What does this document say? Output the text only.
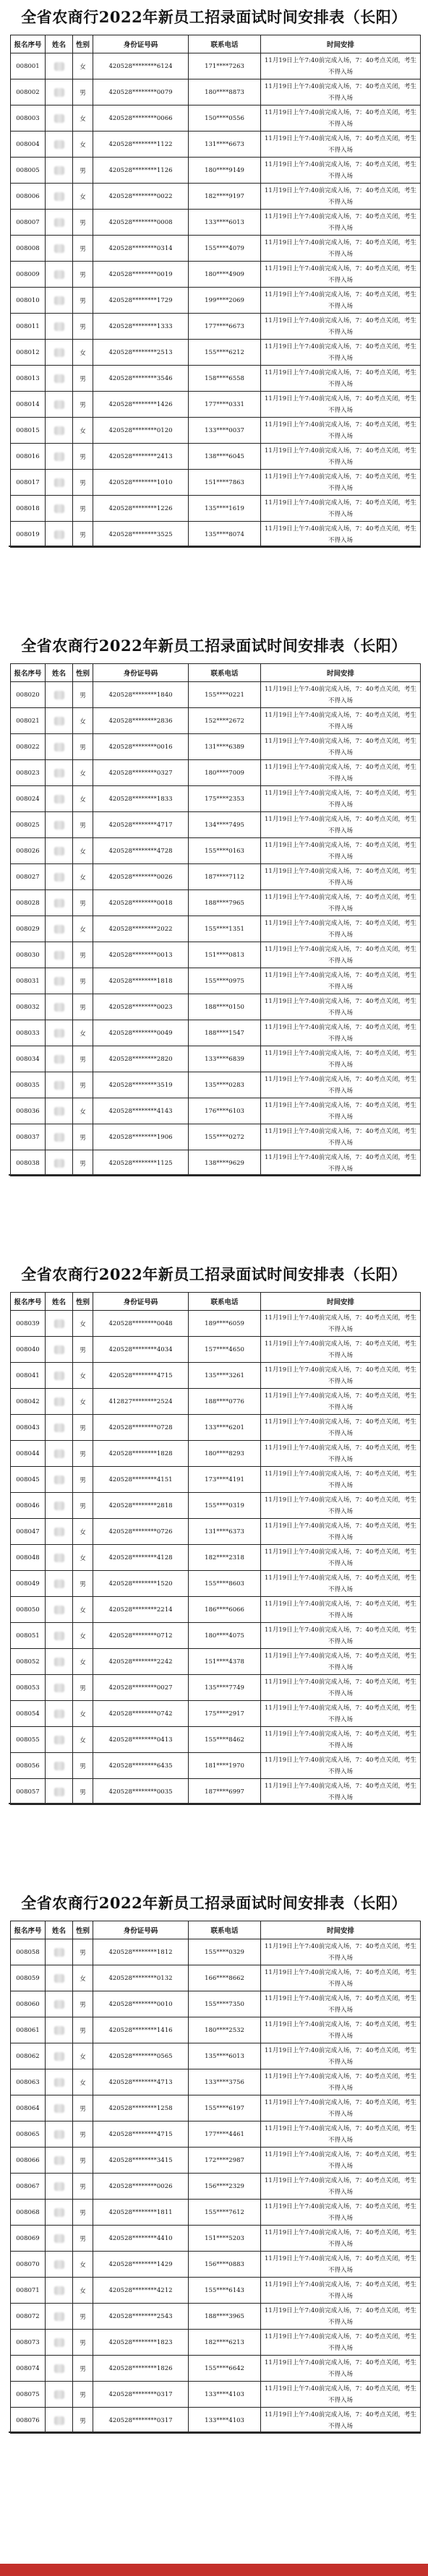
全省农商行2022年新员工招录面试时间安排表（长阳）
报名序号	姓名	性别	身份证号码	联系电话	时间安排
008001		女	420528********6124	171****7263	11月19日上午7:40前完成入场，7：40考点关闭，考生不得入场
008002		男	420528********0079	180****8873	11月19日上午7:40前完成入场，7：40考点关闭，考生不得入场
008003		女	420528********0066	150****0556	11月19日上午7:40前完成入场，7：40考点关闭，考生不得入场
008004		女	420528********1122	131****6673	11月19日上午7:40前完成入场，7：40考点关闭，考生不得入场
008005		男	420528********1126	180****9149	11月19日上午7:40前完成入场，7：40考点关闭，考生不得入场
008006		女	420528********0022	182****9197	11月19日上午7:40前完成入场，7：40考点关闭，考生不得入场
008007		男	420528********0008	133****6013	11月19日上午7:40前完成入场，7：40考点关闭，考生不得入场
008008		男	420528********0314	155****4079	11月19日上午7:40前完成入场，7：40考点关闭，考生不得入场
008009		男	420528********0019	180****4909	11月19日上午7:40前完成入场，7：40考点关闭，考生不得入场
008010		男	420528********1729	199****2069	11月19日上午7:40前完成入场，7：40考点关闭，考生不得入场
008011		男	420528********1333	177****6673	11月19日上午7:40前完成入场，7：40考点关闭，考生不得入场
008012		女	420528********2513	155****6212	11月19日上午7:40前完成入场，7：40考点关闭，考生不得入场
008013		男	420528********3546	158****6558	11月19日上午7:40前完成入场，7：40考点关闭，考生不得入场
008014		男	420528********1426	177****0331	11月19日上午7:40前完成入场，7：40考点关闭，考生不得入场
008015		女	420528********0120	133****0037	11月19日上午7:40前完成入场，7：40考点关闭，考生不得入场
008016		男	420528********2413	138****6045	11月19日上午7:40前完成入场，7：40考点关闭，考生不得入场
008017		男	420528********1010	151****7863	11月19日上午7:40前完成入场，7：40考点关闭，考生不得入场
008018		男	420528********1226	135****1619	11月19日上午7:40前完成入场，7：40考点关闭，考生不得入场
008019		男	420528********3525	135****8074	11月19日上午7:40前完成入场，7：40考点关闭，考生不得入场
全省农商行2022年新员工招录面试时间安排表（长阳）
报名序号	姓名	性别	身份证号码	联系电话	时间安排
008020		男	420528********1840	155****0221	11月19日上午7:40前完成入场，7：40考点关闭，考生不得入场
008021		女	420528********2836	152****2672	11月19日上午7:40前完成入场，7：40考点关闭，考生不得入场
008022		男	420528********0016	131****6389	11月19日上午7:40前完成入场，7：40考点关闭，考生不得入场
008023		女	420528********0327	180****7009	11月19日上午7:40前完成入场，7：40考点关闭，考生不得入场
008024		女	420528********1833	175****2353	11月19日上午7:40前完成入场，7：40考点关闭，考生不得入场
008025		男	420528********4717	134****7495	11月19日上午7:40前完成入场，7：40考点关闭，考生不得入场
008026		女	420528********4728	155****0163	11月19日上午7:40前完成入场，7：40考点关闭，考生不得入场
008027		女	420528********0026	187****7112	11月19日上午7:40前完成入场，7：40考点关闭，考生不得入场
008028		男	420528********0018	188****7965	11月19日上午7:40前完成入场，7：40考点关闭，考生不得入场
008029		女	420528********2022	155****1351	11月19日上午7:40前完成入场，7：40考点关闭，考生不得入场
008030		男	420528********0013	151****0813	11月19日上午7:40前完成入场，7：40考点关闭，考生不得入场
008031		男	420528********1818	155****0975	11月19日上午7:40前完成入场，7：40考点关闭，考生不得入场
008032		男	420528********0023	188****0150	11月19日上午7:40前完成入场，7：40考点关闭，考生不得入场
008033		女	420528********0049	188****1547	11月19日上午7:40前完成入场，7：40考点关闭，考生不得入场
008034		男	420528********2820	133****6839	11月19日上午7:40前完成入场，7：40考点关闭，考生不得入场
008035		男	420528********3519	135****0283	11月19日上午7:40前完成入场，7：40考点关闭，考生不得入场
008036		女	420528********4143	176****6103	11月19日上午7:40前完成入场，7：40考点关闭，考生不得入场
008037		男	420528********1906	155****0272	11月19日上午7:40前完成入场，7：40考点关闭，考生不得入场
008038		男	420528********1125	138****9629	11月19日上午7:40前完成入场，7：40考点关闭，考生不得入场
全省农商行2022年新员工招录面试时间安排表（长阳）
报名序号	姓名	性别	身份证号码	联系电话	时间安排
008039		女	420528********0048	189****6059	11月19日上午7:40前完成入场，7：40考点关闭，考生不得入场
008040		男	420528********4034	157****4650	11月19日上午7:40前完成入场，7：40考点关闭，考生不得入场
008041		女	420528********4715	135****3261	11月19日上午7:40前完成入场，7：40考点关闭，考生不得入场
008042		女	412827********2524	188****0776	11月19日上午7:40前完成入场，7：40考点关闭，考生不得入场
008043		男	420528********0728	133****6201	11月19日上午7:40前完成入场，7：40考点关闭，考生不得入场
008044		男	420528********1828	180****8293	11月19日上午7:40前完成入场，7：40考点关闭，考生不得入场
008045		男	420528********4151	173****4191	11月19日上午7:40前完成入场，7：40考点关闭，考生不得入场
008046		男	420528********2818	155****0319	11月19日上午7:40前完成入场，7：40考点关闭，考生不得入场
008047		女	420528********0726	131****6373	11月19日上午7:40前完成入场，7：40考点关闭，考生不得入场
008048		女	420528********4128	182****2318	11月19日上午7:40前完成入场，7：40考点关闭，考生不得入场
008049		男	420528********1520	155****8603	11月19日上午7:40前完成入场，7：40考点关闭，考生不得入场
008050		女	420528********2214	186****6066	11月19日上午7:40前完成入场，7：40考点关闭，考生不得入场
008051		女	420528********0712	180****4075	11月19日上午7:40前完成入场，7：40考点关闭，考生不得入场
008052		女	420528********2242	151****4378	11月19日上午7:40前完成入场，7：40考点关闭，考生不得入场
008053		男	420528********0027	135****7749	11月19日上午7:40前完成入场，7：40考点关闭，考生不得入场
008054		女	420528********0742	175****2917	11月19日上午7:40前完成入场，7：40考点关闭，考生不得入场
008055		女	420528********0413	155****8462	11月19日上午7:40前完成入场，7：40考点关闭，考生不得入场
008056		男	420528********6435	181****1970	11月19日上午7:40前完成入场，7：40考点关闭，考生不得入场
008057		男	420528********0035	187****6997	11月19日上午7:40前完成入场，7：40考点关闭，考生不得入场
全省农商行2022年新员工招录面试时间安排表（长阳）
报名序号	姓名	性别	身份证号码	联系电话	时间安排
008058		男	420528********1812	155****0329	11月19日上午7:40前完成入场，7：40考点关闭，考生不得入场
008059		女	420528********0132	166****8662	11月19日上午7:40前完成入场，7：40考点关闭，考生不得入场
008060		男	420528********0010	155****7350	11月19日上午7:40前完成入场，7：40考点关闭，考生不得入场
008061		男	420528********1416	180****2532	11月19日上午7:40前完成入场，7：40考点关闭，考生不得入场
008062		女	420528********0565	135****6013	11月19日上午7:40前完成入场，7：40考点关闭，考生不得入场
008063		女	420528********4713	133****3756	11月19日上午7:40前完成入场，7：40考点关闭，考生不得入场
008064		男	420528********1258	155****6197	11月19日上午7:40前完成入场，7：40考点关闭，考生不得入场
008065		男	420528********4715	177****4461	11月19日上午7:40前完成入场，7：40考点关闭，考生不得入场
008066		男	420528********3415	172****2987	11月19日上午7:40前完成入场，7：40考点关闭，考生不得入场
008067		男	420528********0026	156****2329	11月19日上午7:40前完成入场，7：40考点关闭，考生不得入场
008068		男	420528********1811	155****7612	11月19日上午7:40前完成入场，7：40考点关闭，考生不得入场
008069		男	420528********4410	151****5203	11月19日上午7:40前完成入场，7：40考点关闭，考生不得入场
008070		女	420528********1429	156****0883	11月19日上午7:40前完成入场，7：40考点关闭，考生不得入场
008071		女	420528********4212	155****6143	11月19日上午7:40前完成入场，7：40考点关闭，考生不得入场
008072		男	420528********2543	188****3965	11月19日上午7:40前完成入场，7：40考点关闭，考生不得入场
008073		男	420528********1823	182****6213	11月19日上午7:40前完成入场，7：40考点关闭，考生不得入场
008074		男	420528********1826	155****6642	11月19日上午7:40前完成入场，7：40考点关闭，考生不得入场
008075		男	420528********0317	133****4103	11月19日上午7:40前完成入场，7：40考点关闭，考生不得入场
008076		男	420528********0317	133****4103	11月19日上午7:40前完成入场，7：40考点关闭，考生不得入场
